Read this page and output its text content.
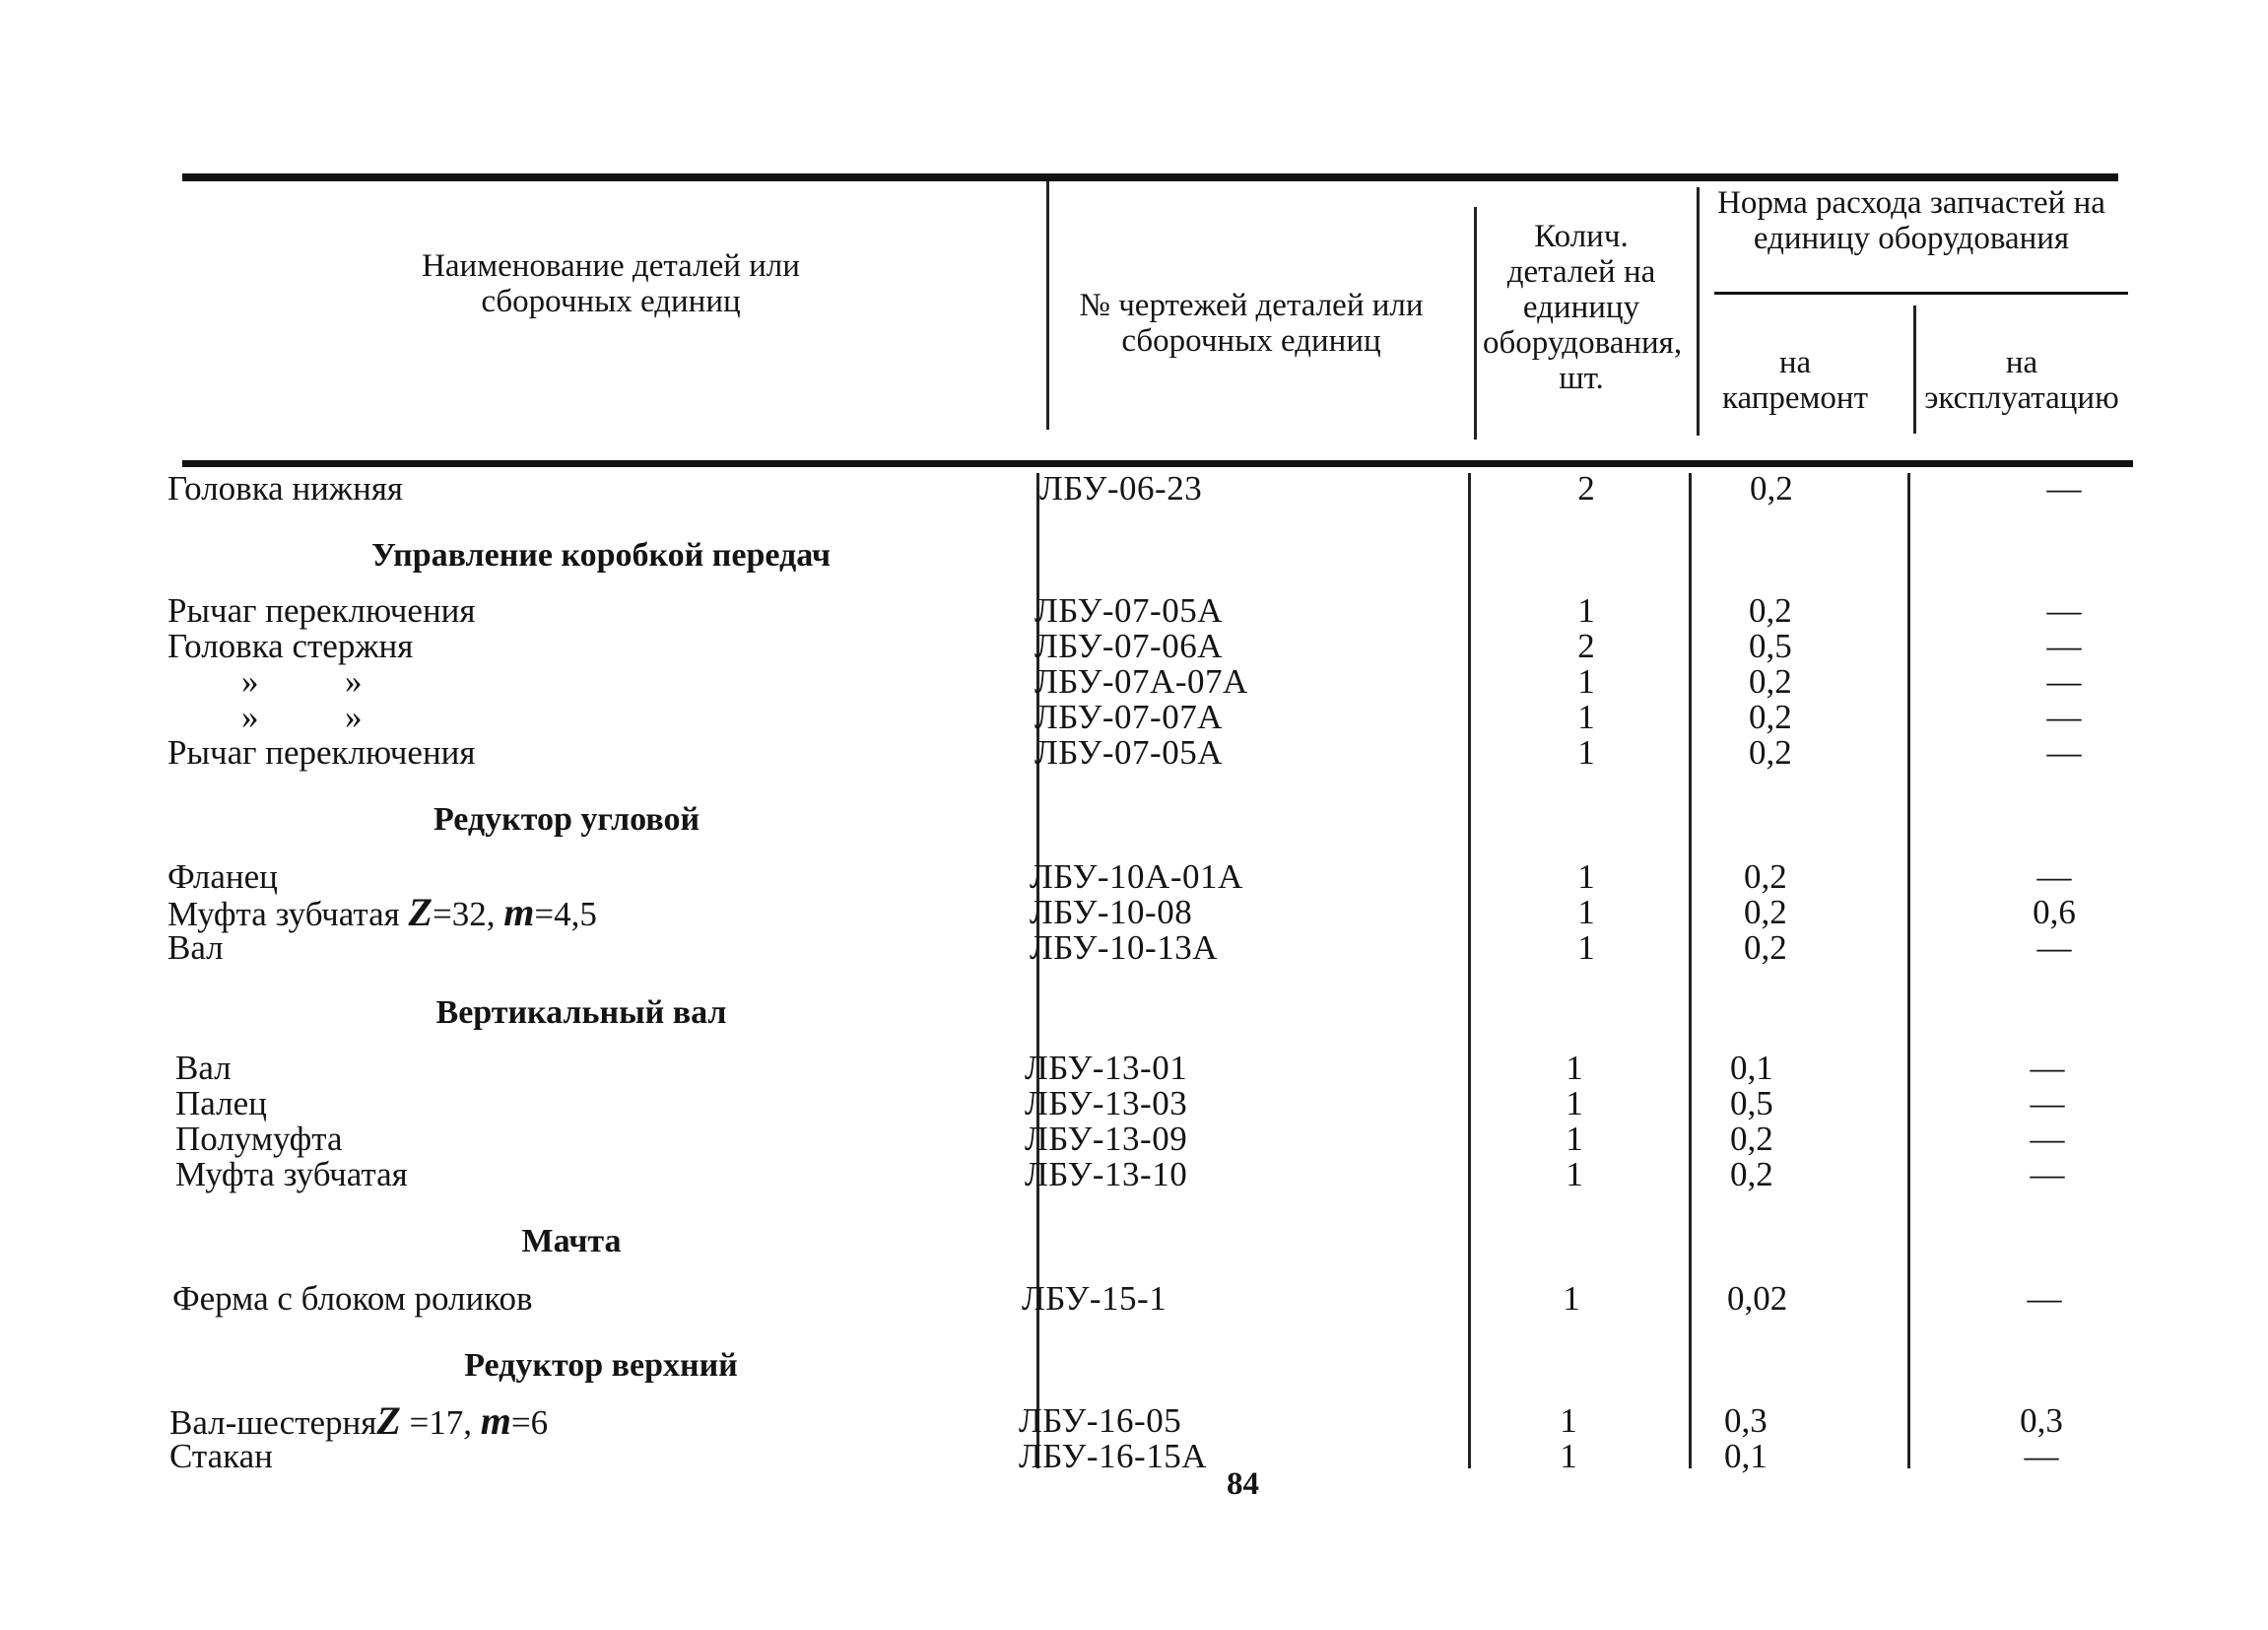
Наименование деталей или сборочных единиц	№ чертежей деталей или сборочных единиц
Колич. деталей на единицу оборудования, шт.
Норма расхода запчастей на единицу оборудования
на капремонт
на эксплуатацию
Головка нижняя	ЛБУ-06-23	2	0,2	—
Управление коробкой передач
Рычаг переключения	ЛБУ-07-05А	1	0,2	—
Головка стержня	ЛБУ-07-06А	2	0,5	—
»          »	ЛБУ-07А-07А	1	0,2	—
»          »	ЛБУ-07-07А	1	0,2	—
Рычаг переключения	ЛБУ-07-05А	1	0,2	—
Редуктор угловой
Фланец	ЛБУ-10А-01А	1	0,2	—
Муфта зубчатая Z=32, m=4,5	ЛБУ-10-08	1	0,2	0,6
Вал	ЛБУ-10-13А	1	0,2	—
Вертикальный вал
Вал	ЛБУ-13-01	1	0,1	—
Палец	ЛБУ-13-03	1	0,5	—
Полумуфта	ЛБУ-13-09	1	0,2	—
Муфта зубчатая	ЛБУ-13-10	1	0,2	—
Мачта
Ферма с блоком роликов	ЛБУ-15-1	1	0,02	—
Редуктор верхний
Вал-шестерняZ =17, m=6	ЛБУ-16-05	1	0,3	0,3
Стакан	ЛБУ-16-15А	1	0,1	—
84
